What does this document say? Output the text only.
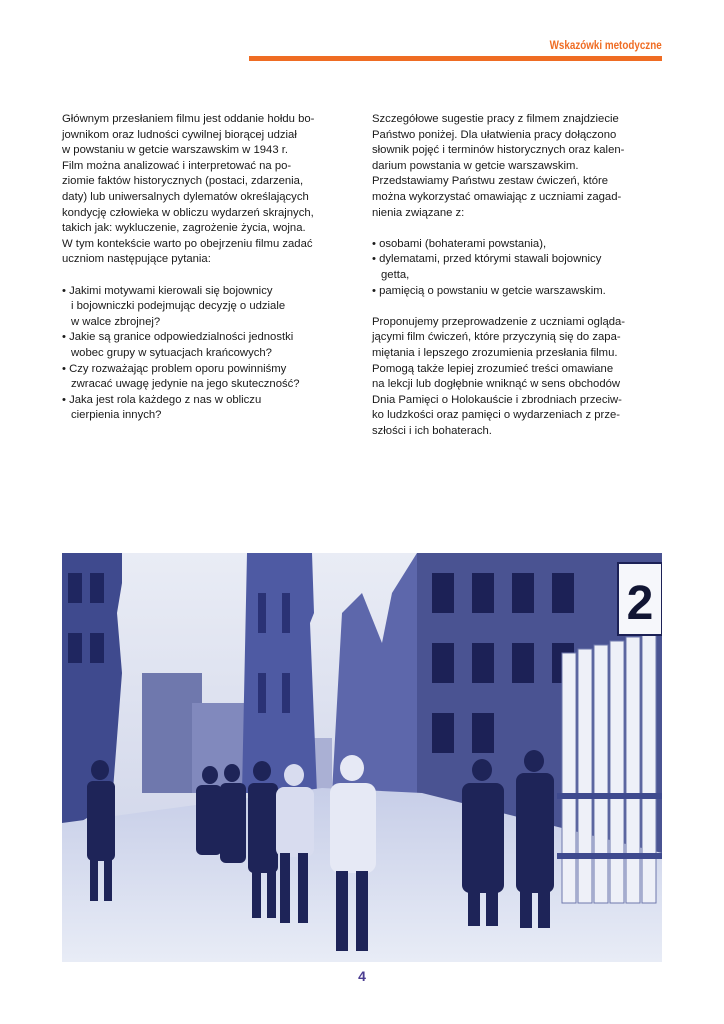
Wskazówki metodyczne

Głównym przesłaniem filmu jest oddanie hołdu bo-
jownikom oraz ludności cywilnej biorącej udział
w powstaniu w getcie warszawskim w 1943 r.
Film można analizować i interpretować na po-
ziomie faktów historycznych (postaci, zdarzenia,
daty) lub uniwersalnych dylematów określających
kondycję człowieka w obliczu wydarzeń skrajnych,
takich jak: wykluczenie, zagrożenie życia, wojna.
W tym kontekście warto po obejrzeniu filmu zadać
uczniom następujące pytania:

• Jakimi motywami kierowali się bojownicy
i bojowniczki podejmując decyzję o udziale
w walce zbrojnej?
• Jakie są granice odpowiedzialności jednostki
wobec grupy w sytuacjach krańcowych?
• Czy rozważając problem oporu powinniśmy
zwracać uwagę jedynie na jego skuteczność?
• Jaka jest rola każdego z nas w obliczu
cierpienia innych?

Szczegółowe sugestie pracy z filmem znajdziecie
Państwo poniżej. Dla ułatwienia pracy dołączono
słownik pojęć i terminów historycznych oraz kalen-
darium powstania w getcie warszawskim.
Przedstawiamy Państwu zestaw ćwiczeń, które
można wykorzystać omawiając z uczniami zagad-
nienia związane z:

• osobami (bohaterami powstania),
• dylematami, przed którymi stawali bojownicy
getta,
• pamięcią o powstaniu w getcie warszawskim.

Proponujemy przeprowadzenie z uczniami ogląda-
jącymi film ćwiczeń, które przyczynią się do zapa-
miętania i lepszego zrozumienia przesłania filmu.
Pomogą także lepiej zrozumieć treści omawiane
na lekcji lub dogłębnie wniknąć w sens obchodów
Dnia Pamięci o Holokauście i zbrodniach przeciw-
ko ludzkości oraz pamięci o wydarzeniach z prze-
szłości i ich bohaterach.

2
4
